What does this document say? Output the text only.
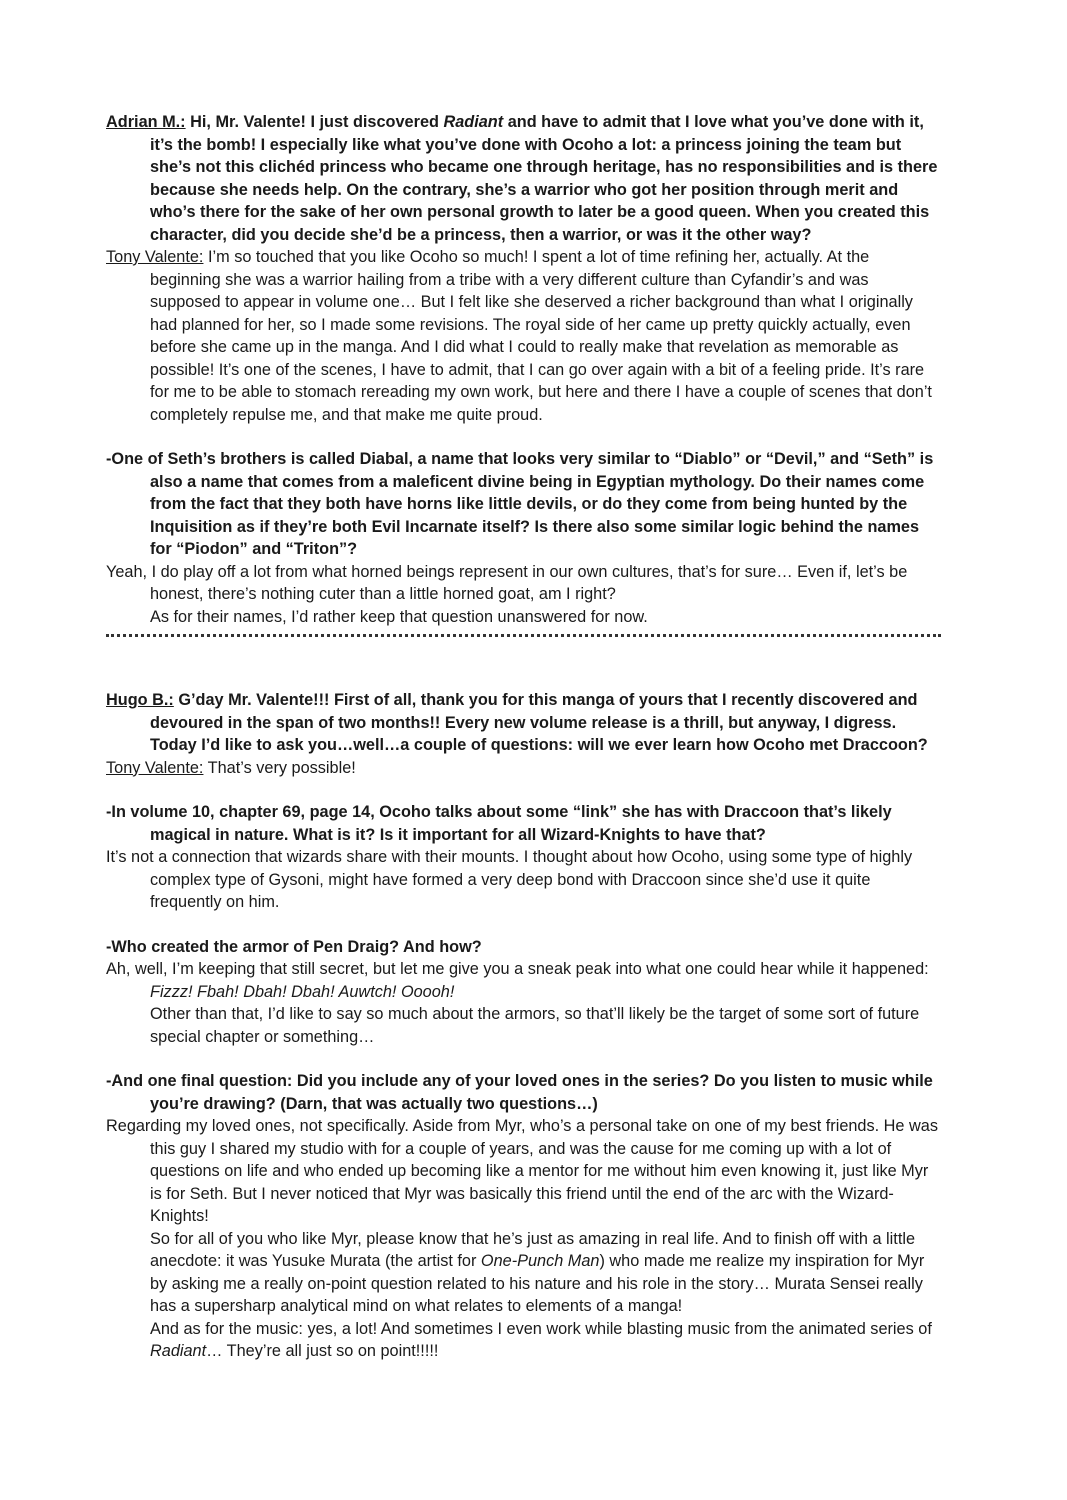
Adrian M.: Hi, Mr. Valente! I just discovered Radiant and have to admit that I love what you’ve done with it, it’s the bomb! I especially like what you’ve done with Ocoho a lot: a princess joining the team but she’s not this clichéd princess who became one through heritage, has no responsibilities and is there because she needs help. On the contrary, she’s a warrior who got her position through merit and who’s there for the sake of her own personal growth to later be a good queen. When you created this character, did you decide she’d be a princess, then a warrior, or was it the other way?

Tony Valente: I’m so touched that you like Ocoho so much! I spent a lot of time refining her, actually. At the beginning she was a warrior hailing from a tribe with a very different culture than Cyfandir’s and was supposed to appear in volume one… But I felt like she deserved a richer background than what I originally had planned for her, so I made some revisions. The royal side of her came up pretty quickly actually, even before she came up in the manga. And I did what I could to really make that revelation as memorable as possible! It’s one of the scenes, I have to admit, that I can go over again with a bit of a feeling pride. It’s rare for me to be able to stomach rereading my own work, but here and there I have a couple of scenes that don’t completely repulse me, and that make me quite proud.

-One of Seth’s brothers is called Diabal, a name that looks very similar to “Diablo” or “Devil,” and “Seth” is also a name that comes from a maleficent divine being in Egyptian mythology. Do their names come from the fact that they both have horns like little devils, or do they come from being hunted by the Inquisition as if they’re both Evil Incarnate itself? Is there also some similar logic behind the names for “Piodon” and “Triton”?

Yeah, I do play off a lot from what horned beings represent in our own cultures, that’s for sure… Even if, let’s be honest, there’s nothing cuter than a little horned goat, am I right?

As for their names, I’d rather keep that question unanswered for now.

Hugo B.: G’day Mr. Valente!!! First of all, thank you for this manga of yours that I recently discovered and devoured in the span of two months!! Every new volume release is a thrill, but anyway, I digress. Today I’d like to ask you…well…a couple of questions: will we ever learn how Ocoho met Draccoon?

Tony Valente: That’s very possible!

-In volume 10, chapter 69, page 14, Ocoho talks about some “link” she has with Draccoon that’s likely magical in nature. What is it? Is it important for all Wizard-Knights to have that?

It’s not a connection that wizards share with their mounts. I thought about how Ocoho, using some type of highly complex type of Gysoni, might have formed a very deep bond with Draccoon since she’d use it quite frequently on him.

-Who created the armor of Pen Draig? And how?

Ah, well, I’m keeping that still secret, but let me give you a sneak peak into what one could hear while it happened: Fizzz! Fbah! Dbah! Dbah! Auwtch! Ooooh!

Other than that, I’d like to say so much about the armors, so that’ll likely be the target of some sort of future special chapter or something…

-And one final question: Did you include any of your loved ones in the series? Do you listen to music while you’re drawing? (Darn, that was actually two questions…)

Regarding my loved ones, not specifically. Aside from Myr, who’s a personal take on one of my best friends. He was this guy I shared my studio with for a couple of years, and was the cause for me coming up with a lot of questions on life and who ended up becoming like a mentor for me without him even knowing it, just like Myr is for Seth. But I never noticed that Myr was basically this friend until the end of the arc with the Wizard-Knights!

So for all of you who like Myr, please know that he’s just as amazing in real life. And to finish off with a little anecdote: it was Yusuke Murata (the artist for One-Punch Man) who made me realize my inspiration for Myr by asking me a really on-point question related to his nature and his role in the story… Murata Sensei really has a supersharp analytical mind on what relates to elements of a manga!

And as for the music: yes, a lot! And sometimes I even work while blasting music from the animated series of Radiant… They’re all just so on point!!!!!
